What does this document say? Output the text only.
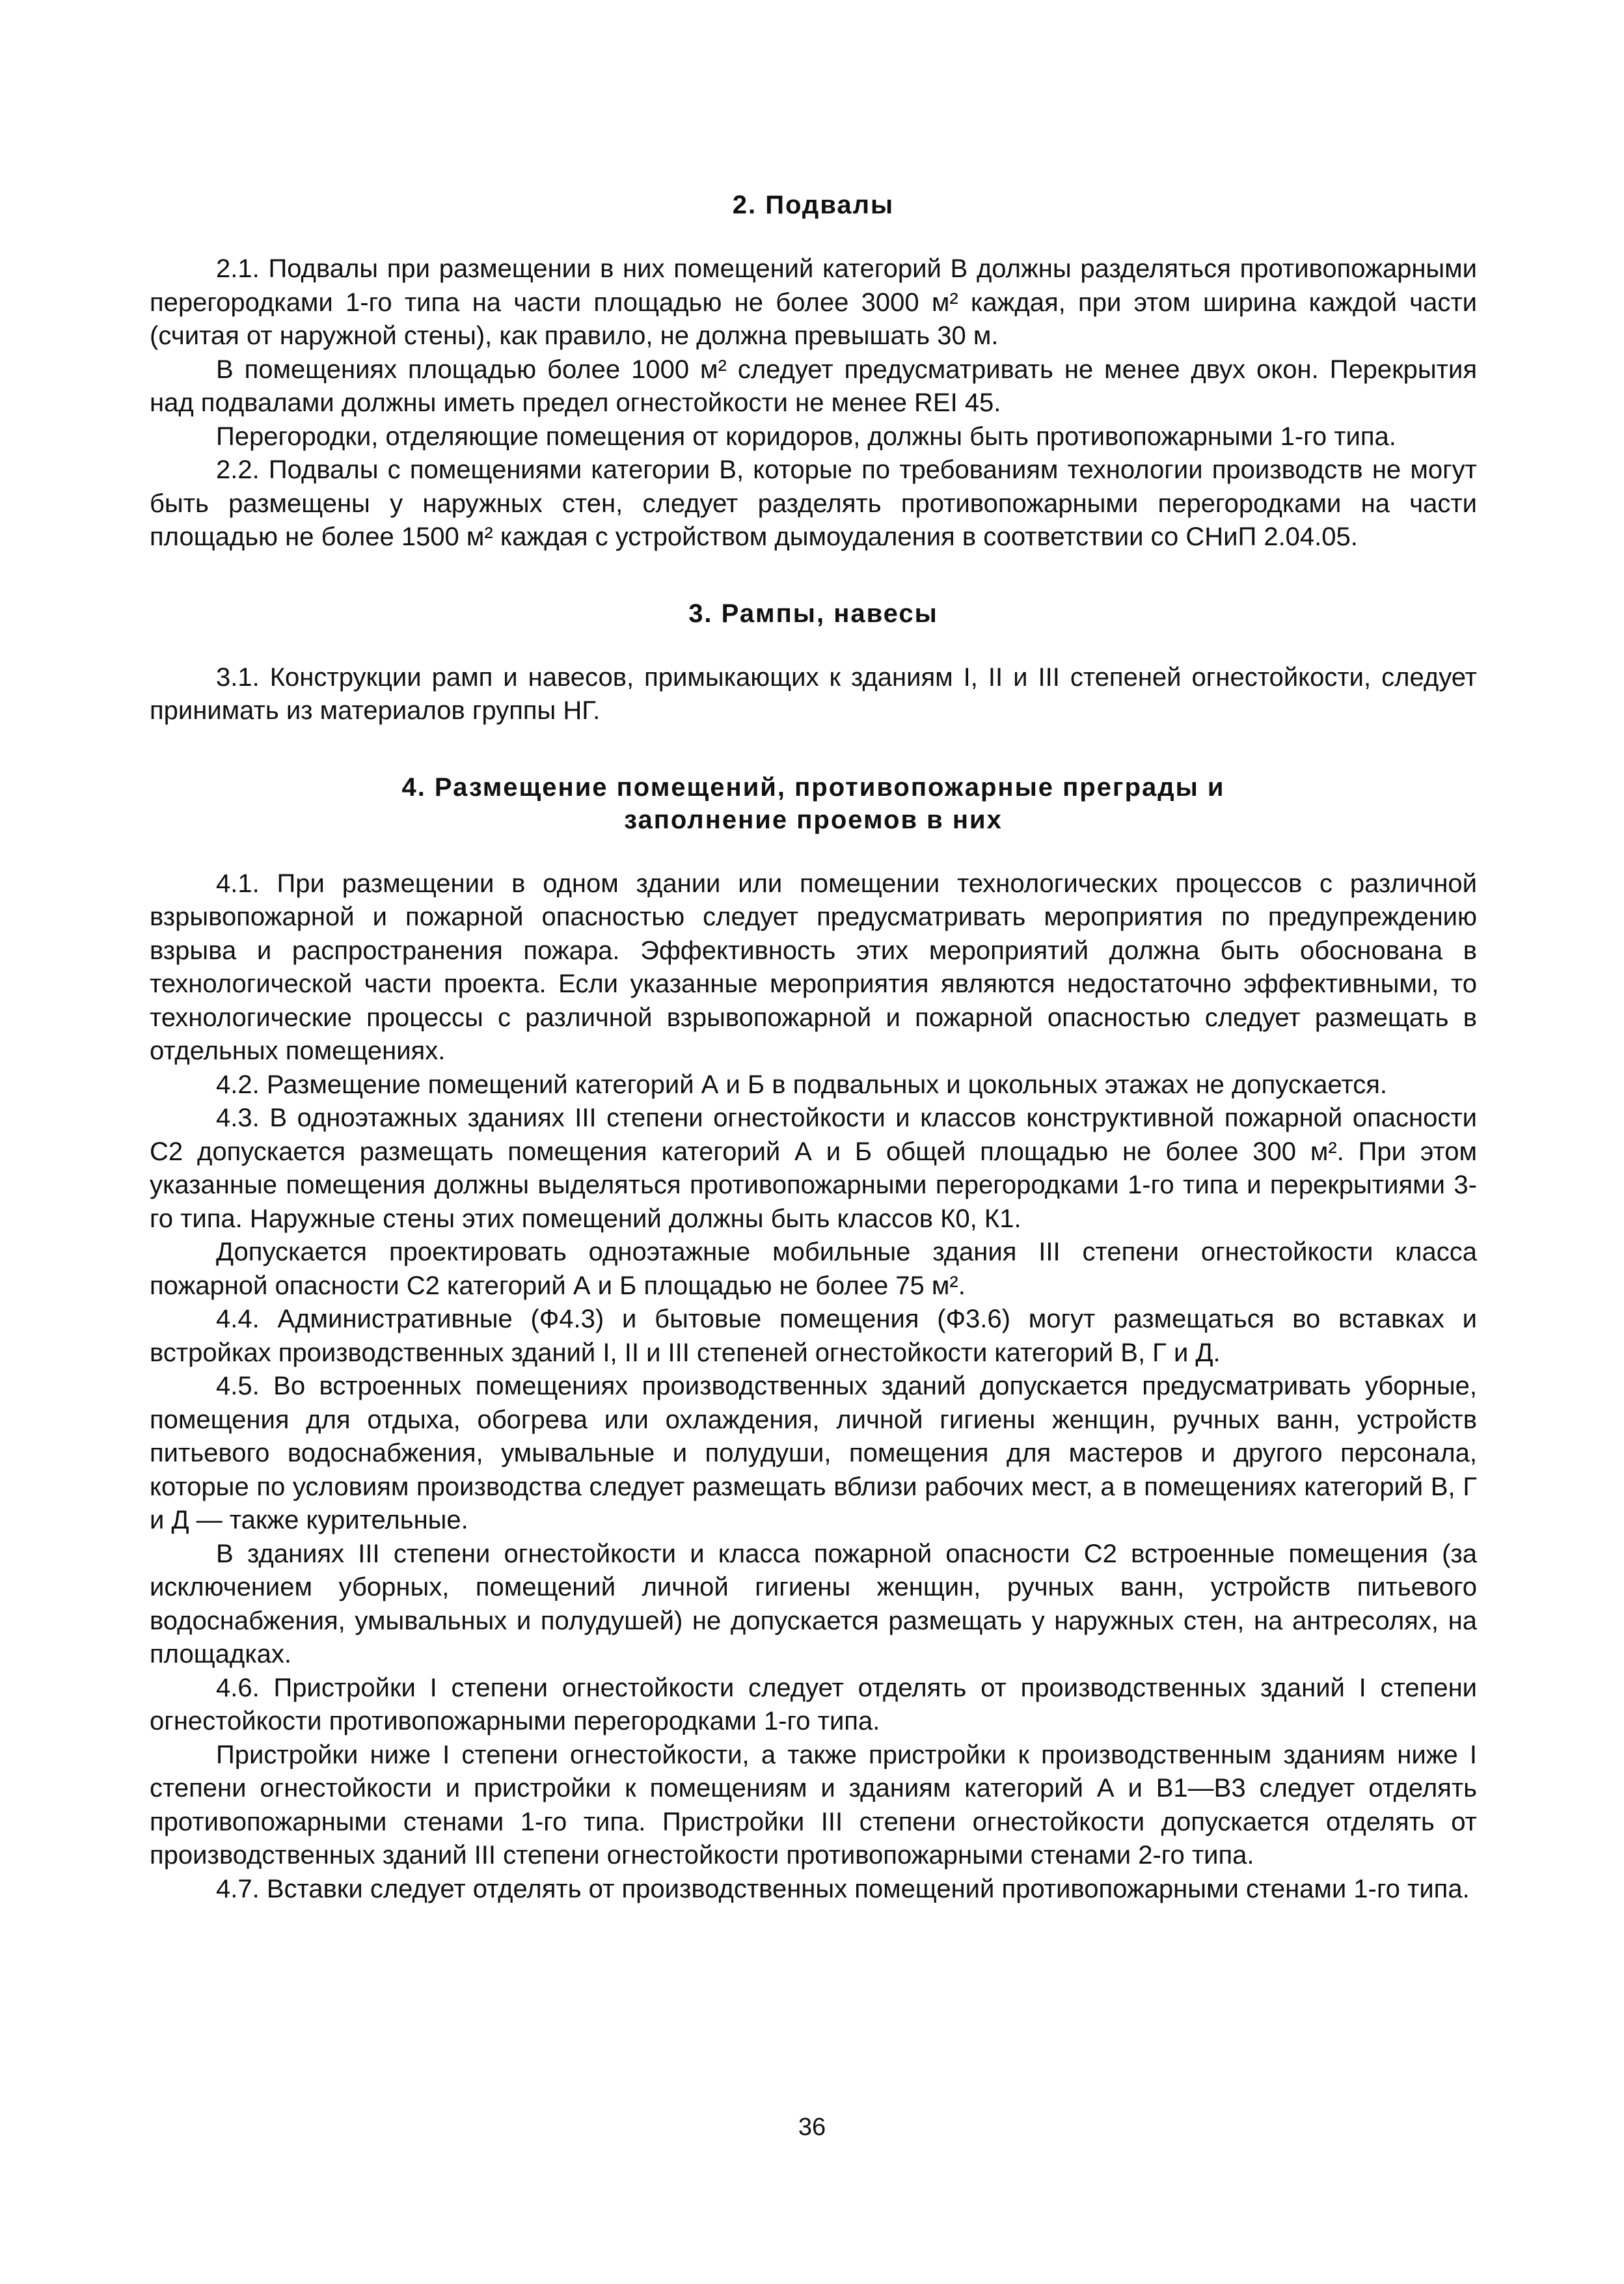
2. Подвалы

2.1. Подвалы при размещении в них помещений категорий В должны разделяться противопожарными перегородками 1-го типа на части площадью не более 3000 м² каждая, при этом ширина каждой части (считая от наружной стены), как правило, не должна превышать 30 м.

В помещениях площадью более 1000 м² следует предусматривать не менее двух окон. Перекрытия над подвалами должны иметь предел огнестойкости не менее REI 45.

Перегородки, отделяющие помещения от коридоров, должны быть противопожарными 1-го типа.

2.2. Подвалы с помещениями категории В, которые по требованиям технологии производств не могут быть размещены у наружных стен, следует разделять противопожарными перегородками на части площадью не более 1500 м² каждая с устройством дымоудаления в соответствии со СНиП 2.04.05.

3. Рампы, навесы

3.1. Конструкции рамп и навесов, примыкающих к зданиям I, II и III степеней огнестойкости, следует принимать из материалов группы НГ.

4. Размещение помещений, противопожарные преграды и заполнение проемов в них

4.1. При размещении в одном здании или помещении технологических процессов с различной взрывопожарной и пожарной опасностью следует предусматривать мероприятия по предупреждению взрыва и распространения пожара. Эффективность этих мероприятий должна быть обоснована в технологической части проекта. Если указанные мероприятия являются недостаточно эффективными, то технологические процессы с различной взрывопожарной и пожарной опасностью следует размещать в отдельных помещениях.

4.2. Размещение помещений категорий А и Б в подвальных и цокольных этажах не допускается.

4.3. В одноэтажных зданиях III степени огнестойкости и классов конструктивной пожарной опасности С2 допускается размещать помещения категорий А и Б общей площадью не более 300 м². При этом указанные помещения должны выделяться противопожарными перегородками 1-го типа и перекрытиями 3-го типа. Наружные стены этих помещений должны быть классов К0, К1.

Допускается проектировать одноэтажные мобильные здания III степени огнестойкости класса пожарной опасности С2 категорий А и Б площадью не более 75 м².

4.4. Административные (Ф4.3) и бытовые помещения (Ф3.6) могут размещаться во вставках и встройках производственных зданий I, II и III степеней огнестойкости категорий В, Г и Д.

4.5. Во встроенных помещениях производственных зданий допускается предусматривать уборные, помещения для отдыха, обогрева или охлаждения, личной гигиены женщин, ручных ванн, устройств питьевого водоснабжения, умывальные и полудуши, помещения для мастеров и другого персонала, которые по условиям производства следует размещать вблизи рабочих мест, а в помещениях категорий В, Г и Д — также курительные.

В зданиях III степени огнестойкости и класса пожарной опасности С2 встроенные помещения (за исключением уборных, помещений личной гигиены женщин, ручных ванн, устройств питьевого водоснабжения, умывальных и полудушей) не допускается размещать у наружных стен, на антресолях, на площадках.

4.6. Пристройки I степени огнестойкости следует отделять от производственных зданий I степени огнестойкости противопожарными перегородками 1-го типа.

Пристройки ниже I степени огнестойкости, а также пристройки к производственным зданиям ниже I степени огнестойкости и пристройки к помещениям и зданиям категорий А и В1—В3 следует отделять противопожарными стенами 1-го типа. Пристройки III степени огнестойкости допускается отделять от производственных зданий III степени огнестойкости противопожарными стенами 2-го типа.

4.7. Вставки следует отделять от производственных помещений противопожарными стенами 1-го типа.

36
